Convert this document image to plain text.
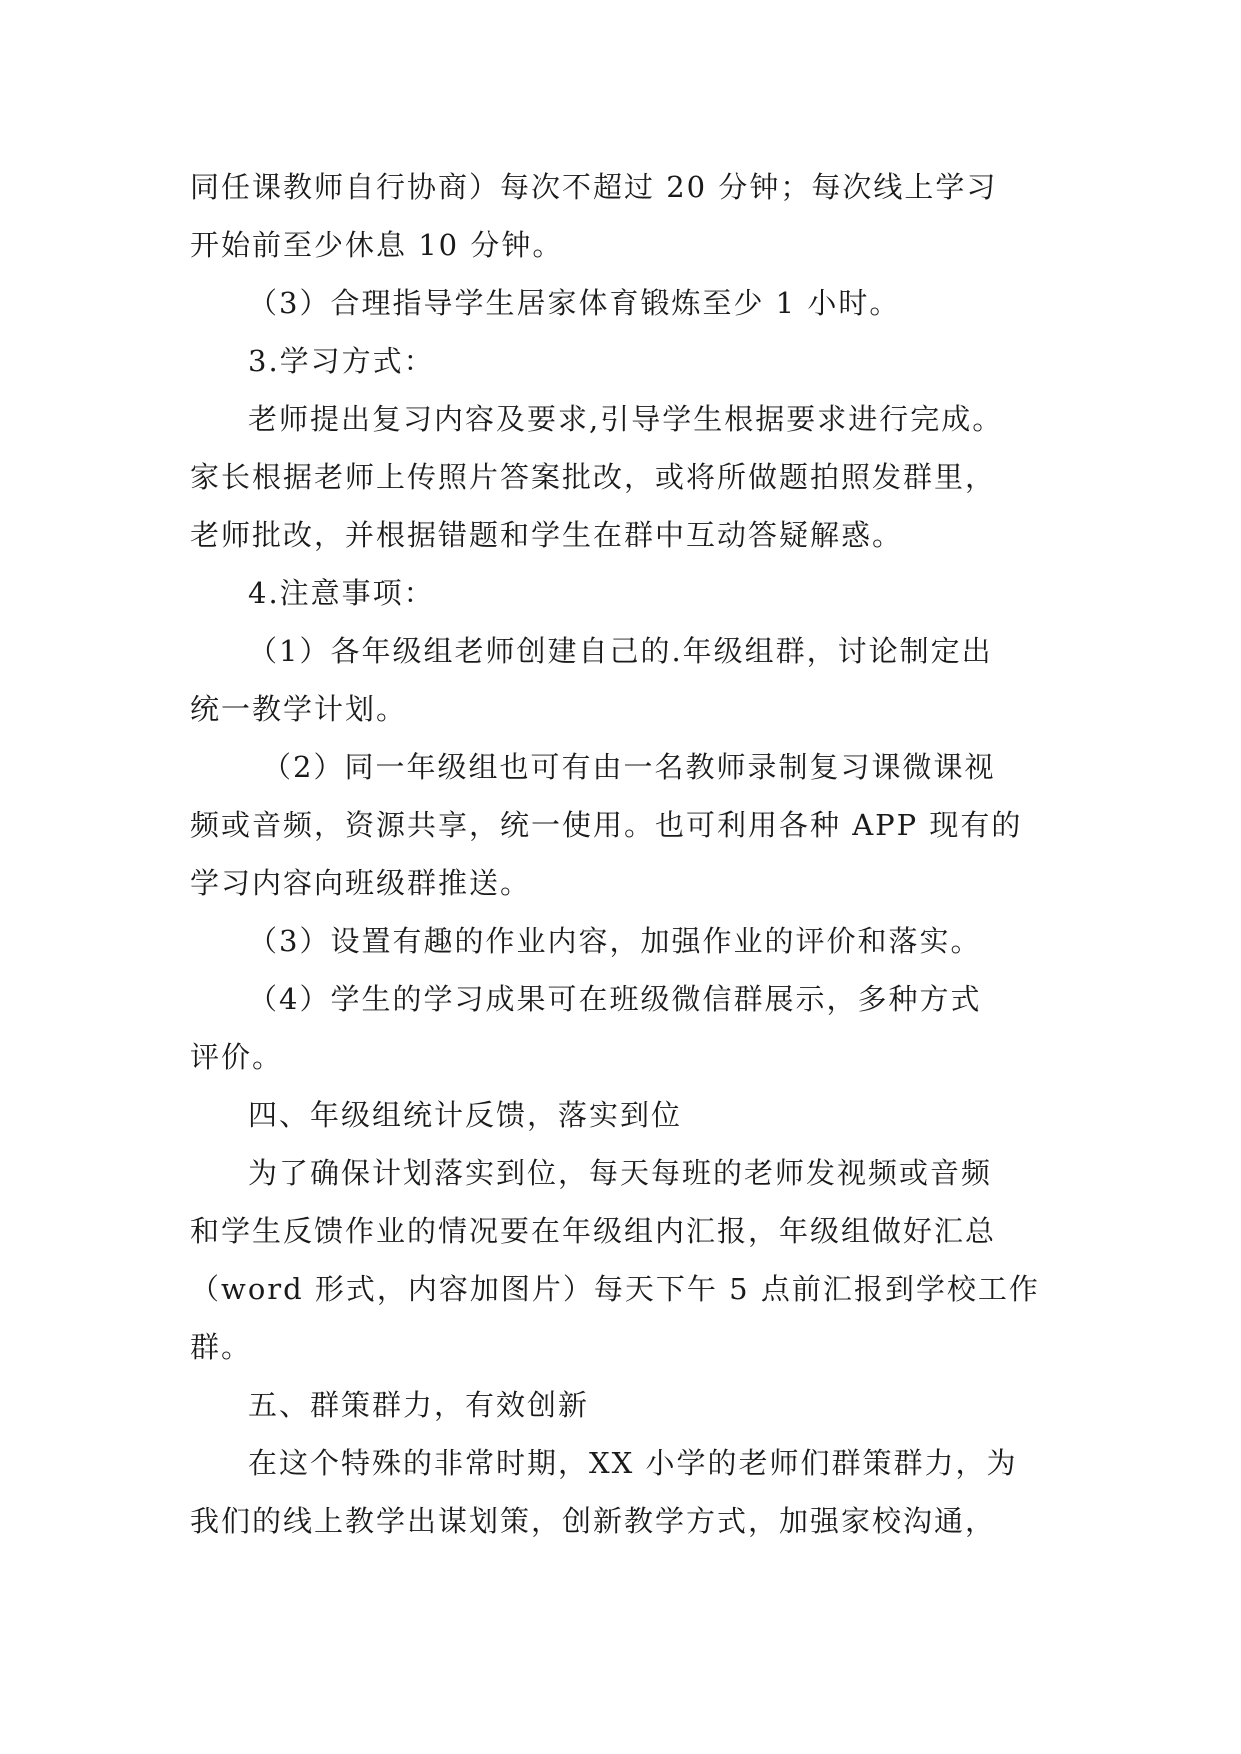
同任课教师自行协商）每次不超过 20 分钟；每次线上学习
开始前至少休息 10 分钟。
（3）合理指导学生居家体育锻炼至少 1 小时。
3.学习方式：
老师提出复习内容及要求,引导学生根据要求进行完成。
家长根据老师上传照片答案批改，或将所做题拍照发群里，
老师批改，并根据错题和学生在群中互动答疑解惑。
4.注意事项：
（1）各年级组老师创建自己的.年级组群，讨论制定出
统一教学计划。
（2）同一年级组也可有由一名教师录制复习课微课视
频或音频，资源共享，统一使用。也可利用各种 APP 现有的
学习内容向班级群推送。
（3）设置有趣的作业内容，加强作业的评价和落实。
（4）学生的学习成果可在班级微信群展示，多种方式
评价。
四、年级组统计反馈，落实到位
为了确保计划落实到位，每天每班的老师发视频或音频
和学生反馈作业的情况要在年级组内汇报，年级组做好汇总
（word 形式，内容加图片）每天下午 5 点前汇报到学校工作
群。
五、群策群力，有效创新
在这个特殊的非常时期，XX 小学的老师们群策群力，为
我们的线上教学出谋划策，创新教学方式，加强家校沟通，
